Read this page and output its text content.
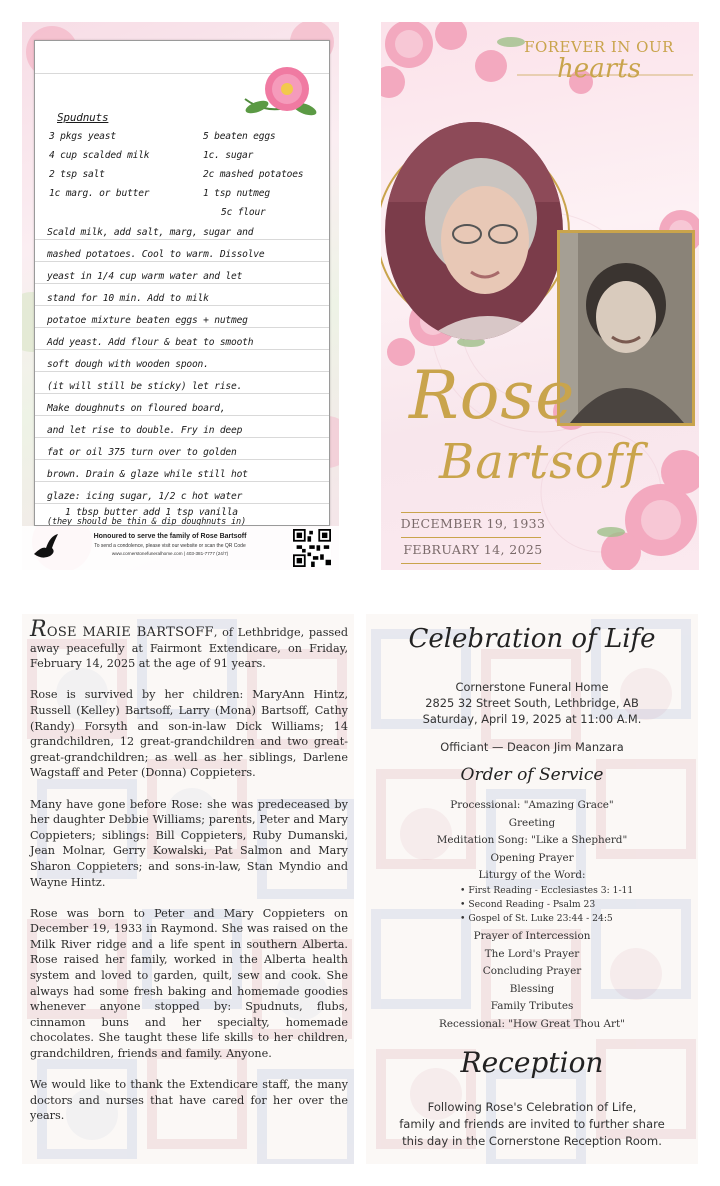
Spudnuts
3 pkgs yeast
4 cup scalded milk
2 tsp salt
1c marg. or butter
5 beaten eggs
1c. sugar
2c mashed potatoes
1 tsp nutmeg
5c flour
Scald milk, add salt, marg, sugar and
mashed potatoes. Cool to warm. Dissolve
yeast in 1/4 cup warm water and let
stand for 10 min. Add to milk
potatoe mixture beaten eggs + nutmeg
Add yeast. Add flour & beat to smooth
soft dough with wooden spoon.
(it will still be sticky) let rise.
Make doughnuts on floured board,
and let rise to double. Fry in deep
fat or oil 375 turn over to golden
brown. Drain & glaze while still hot
glaze: icing sugar, 1/2 c hot water
1 tbsp butter add 1 tsp vanilla
(they should be thin & dip doughnuts in)
Honoured to serve the family of Rose Bartsoff
To send a condolence, please visit our website or scan the QR Code
www.cornerstonefuneralhome.com | 403-381-7777 (24/7)
FOREVER IN OUR
hearts
Rose
Bartsoff
DECEMBER 19, 1933
FEBRUARY 14, 2025

ROSE MARIE BARTSOFF, of Lethbridge, passed away peacefully at Fairmont Extendicare, on Friday, February 14, 2025 at the age of 91 years.

Rose is survived by her children: MaryAnn Hintz, Russell (Kelley) Bartsoff, Larry (Mona) Bartsoff, Cathy (Randy) Forsyth and son-in-law Dick Williams; 14 grandchildren, 12 great-grandchildren and two great-great-grandchildren; as well as her siblings, Darlene Wagstaff and Peter (Donna) Coppieters.

Many have gone before Rose: she was predeceased by her daughter Debbie Williams; parents, Peter and Mary Coppieters; siblings: Bill Coppieters, Ruby Dumanski, Jean Molnar, Gerry Kowalski, Pat Salmon and Mary Sharon Coppieters; and sons-in-law, Stan Myndio and Wayne Hintz.

Rose was born to Peter and Mary Coppieters on December 19, 1933 in Raymond. She was raised on the Milk River ridge and a life spent in southern Alberta. Rose raised her family, worked in the Alberta health system and loved to garden, quilt, sew and cook. She always had some fresh baking and homemade goodies whenever anyone stopped by: Spudnuts, flubs, cinnamon buns and her specialty, homemade chocolates. She taught these life skills to her children, grandchildren, friends and family. Anyone.

We would like to thank the Extendicare staff, the many doctors and nurses that have cared for her over the years.

Celebration of Life
Cornerstone Funeral Home
2825 32 Street South, Lethbridge, AB
Saturday, April 19, 2025 at 11:00 A.M.
Officiant — Deacon Jim Manzara
Order of Service
Processional: "Amazing Grace"
Greeting
Meditation Song: "Like a Shepherd"
Opening Prayer
Liturgy of the Word:
• First Reading - Ecclesiastes 3: 1-11
• Second Reading - Psalm 23
• Gospel of St. Luke 23:44 - 24:5
Prayer of Intercession
The Lord's Prayer
Concluding Prayer
Blessing
Family Tributes
Recessional: "How Great Thou Art"
Reception
Following Rose's Celebration of Life,
family and friends are invited to further share
this day in the Cornerstone Reception Room.
